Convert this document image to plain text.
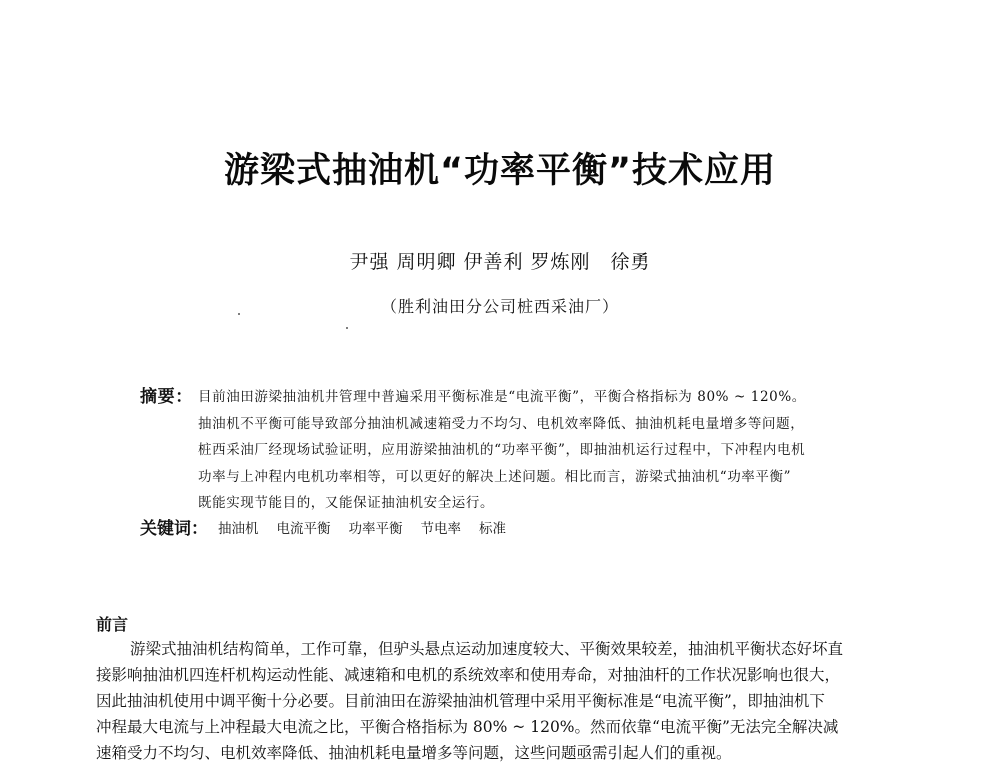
游梁式抽油机“功率平衡”技术应用
尹强 周明卿 伊善利 罗炼刚　徐勇
（胜利油田分公司桩西采油厂）
摘要： 目前油田游梁抽油机井管理中普遍采用平衡标准是“电流平衡”，平衡合格指标为 80% ~ 120%。
抽油机不平衡可能导致部分抽油机减速箱受力不均匀、电机效率降低、抽油机耗电量增多等问题，
桩西采油厂经现场试验证明，应用游梁抽油机的“功率平衡”，即抽油机运行过程中，下冲程内电机
功率与上冲程内电机功率相等，可以更好的解决上述问题。相比而言，游梁式抽油机“功率平衡”
既能实现节能目的，又能保证抽油机安全运行。
关键词： 抽油机 电流平衡 功率平衡 节电率 标准
前言
游梁式抽油机结构简单，工作可靠，但驴头悬点运动加速度较大、平衡效果较差，抽油机平衡状态好坏直
接影响抽油机四连杆机构运动性能、减速箱和电机的系统效率和使用寿命，对抽油杆的工作状况影响也很大，
因此抽油机使用中调平衡十分必要。目前油田在游梁抽油机管理中采用平衡标准是“电流平衡”，即抽油机下
冲程最大电流与上冲程最大电流之比，平衡合格指标为 80% ~ 120%。然而依靠“电流平衡”无法完全解决减
速箱受力不均匀、电机效率降低、抽油机耗电量增多等问题，这些问题亟需引起人们的重视。
